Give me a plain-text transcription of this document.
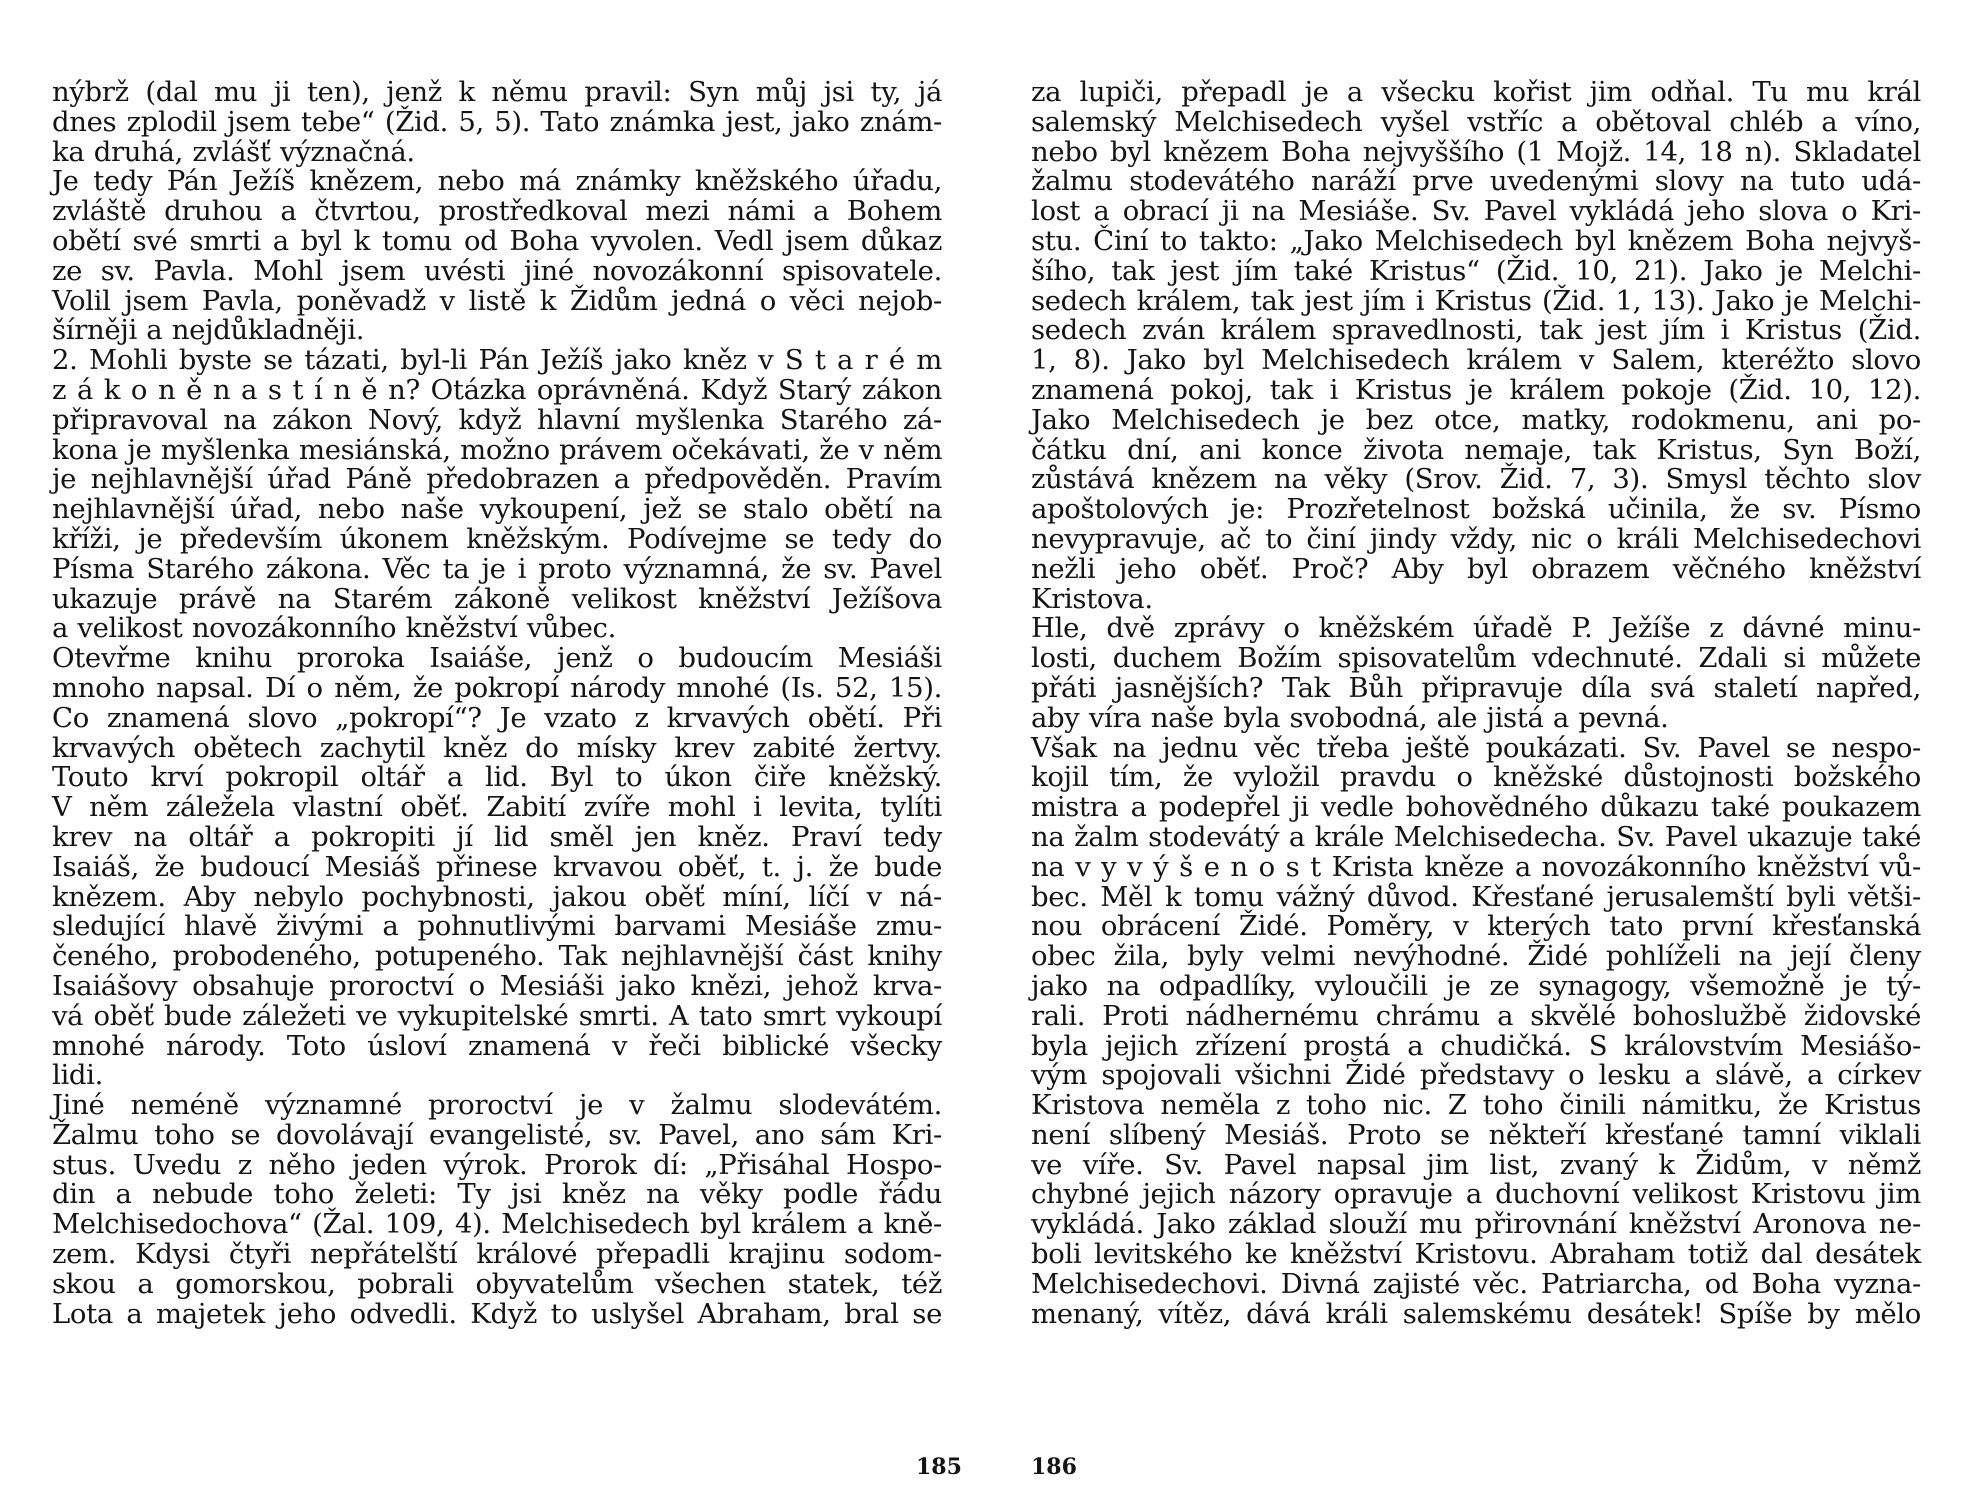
nýbrž (dal mu ji ten), jenž k němu pravil: Syn můj jsi ty, já
dnes zplodil jsem tebe“ (Žid. 5, 5). Tato známka jest, jako znám-
ka druhá, zvlášť význačná.
Je tedy Pán Ježíš knězem, nebo má známky kněžského úřadu,
zvláště druhou a čtvrtou, prostředkoval mezi námi a Bohem
obětí své smrti a byl k tomu od Boha vyvolen. Vedl jsem důkaz
ze sv. Pavla. Mohl jsem uvésti jiné novozákonní spisovatele.
Volil jsem Pavla, poněvadž v listě k Židům jedná o věci nejob-
šírněji a nejdůkladněji.
2. Mohli byste se tázati, byl-li Pán Ježíš jako kněz v S t a r é m
z á k o n ě n a s t í n ě n? Otázka oprávněná. Když Starý zákon
připravoval na zákon Nový, když hlavní myšlenka Starého zá-
kona je myšlenka mesiánská, možno právem očekávati, že v něm
je nejhlavnější úřad Páně předobrazen a předpověděn. Pravím
nejhlavnější úřad, nebo naše vykoupení, jež se stalo obětí na
kříži, je především úkonem kněžským. Podívejme se tedy do
Písma Starého zákona. Věc ta je i proto významná, že sv. Pavel
ukazuje právě na Starém zákoně velikost kněžství Ježíšova
a velikost novozákonního kněžství vůbec.
Otevřme knihu proroka Isaiáše, jenž o budoucím Mesiáši
mnoho napsal. Dí o něm, že pokropí národy mnohé (Is. 52, 15).
Co znamená slovo „pokropí“? Je vzato z krvavých obětí. Při
krvavých obětech zachytil kněz do mísky krev zabité žertvy.
Touto krví pokropil oltář a lid. Byl to úkon čiře kněžský.
V něm záležela vlastní oběť. Zabití zvíře mohl i levita, tylíti
krev na oltář a pokropiti jí lid směl jen kněz. Praví tedy
Isaiáš, že budoucí Mesiáš přinese krvavou oběť, t. j. že bude
knězem. Aby nebylo pochybnosti, jakou oběť míní, líčí v ná-
sledující hlavě živými a pohnutlivými barvami Mesiáše zmu-
čeného, probodeného, potupeného. Tak nejhlavnější část knihy
Isaiášovy obsahuje proroctví o Mesiáši jako knězi, jehož krva-
vá oběť bude záležeti ve vykupitelské smrti. A tato smrt vykoupí
mnohé národy. Toto úsloví znamená v řeči biblické všecky
lidi.
Jiné neméně významné proroctví je v žalmu slodevátém.
Žalmu toho se dovolávají evangelisté, sv. Pavel, ano sám Kri-
stus. Uvedu z něho jeden výrok. Prorok dí: „Přisáhal Hospo-
din a nebude toho želeti: Ty jsi kněz na věky podle řádu
Melchisedochova“ (Žal. 109, 4). Melchisedech byl králem a kně-
zem. Kdysi čtyři nepřátelští králové přepadli krajinu sodom-
skou a gomorskou, pobrali obyvatelům všechen statek, též
Lota a majetek jeho odvedli. Když to uslyšel Abraham, bral se
za lupiči, přepadl je a všecku kořist jim odňal. Tu mu král
salemský Melchisedech vyšel vstříc a obětoval chléb a víno,
nebo byl knězem Boha nejvyššího (1 Mojž. 14, 18 n). Skladatel
žalmu stodevátého naráží prve uvedenými slovy na tuto udá-
lost a obrací ji na Mesiáše. Sv. Pavel vykládá jeho slova o Kri-
stu. Činí to takto: „Jako Melchisedech byl knězem Boha nejvyš-
šího, tak jest jím také Kristus“ (Žid. 10, 21). Jako je Melchi-
sedech králem, tak jest jím i Kristus (Žid. 1, 13). Jako je Melchi-
sedech zván králem spravedlnosti, tak jest jím i Kristus (Žid.
1, 8). Jako byl Melchisedech králem v Salem, kteréžto slovo
znamená pokoj, tak i Kristus je králem pokoje (Žid. 10, 12).
Jako Melchisedech je bez otce, matky, rodokmenu, ani po-
čátku dní, ani konce života nemaje, tak Kristus, Syn Boží,
zůstává knězem na věky (Srov. Žid. 7, 3). Smysl těchto slov
apoštolových je: Prozřetelnost božská učinila, že sv. Písmo
nevypravuje, ač to činí jindy vždy, nic o králi Melchisedechovi
nežli jeho oběť. Proč? Aby byl obrazem věčného kněžství
Kristova.
Hle, dvě zprávy o kněžském úřadě P. Ježíše z dávné minu-
losti, duchem Božím spisovatelům vdechnuté. Zdali si můžete
přáti jasnějších? Tak Bůh připravuje díla svá staletí napřed,
aby víra naše byla svobodná, ale jistá a pevná.
Však na jednu věc třeba ještě poukázati. Sv. Pavel se nespo-
kojil tím, že vyložil pravdu o kněžské důstojnosti božského
mistra a podepřel ji vedle bohovědného důkazu také poukazem
na žalm stodevátý a krále Melchisedecha. Sv. Pavel ukazuje také
na v y v ý š e n o s t Krista kněze a novozákonního kněžství vů-
bec. Měl k tomu vážný důvod. Křesťané jerusalemští byli větši-
nou obrácení Židé. Poměry, v kterých tato první křesťanská
obec žila, byly velmi nevýhodné. Židé pohlíželi na její členy
jako na odpadlíky, vyloučili je ze synagogy, všemožně je tý-
rali. Proti nádhernému chrámu a skvělé bohoslužbě židovské
byla jejich zřízení prostá a chudičká. S královstvím Mesiášo-
vým spojovali všichni Židé představy o lesku a slávě, a církev
Kristova neměla z toho nic. Z toho činili námitku, že Kristus
není slíbený Mesiáš. Proto se někteří křesťané tamní viklali
ve víře. Sv. Pavel napsal jim list, zvaný k Židům, v němž
chybné jejich názory opravuje a duchovní velikost Kristovu jim
vykládá. Jako základ slouží mu přirovnání kněžství Aronova ne-
boli levitského ke kněžství Kristovu. Abraham totiž dal desátek
Melchisedechovi. Divná zajisté věc. Patriarcha, od Boha vyzna-
menaný, vítěz, dává králi salemskému desátek! Spíše by mělo
185	186
